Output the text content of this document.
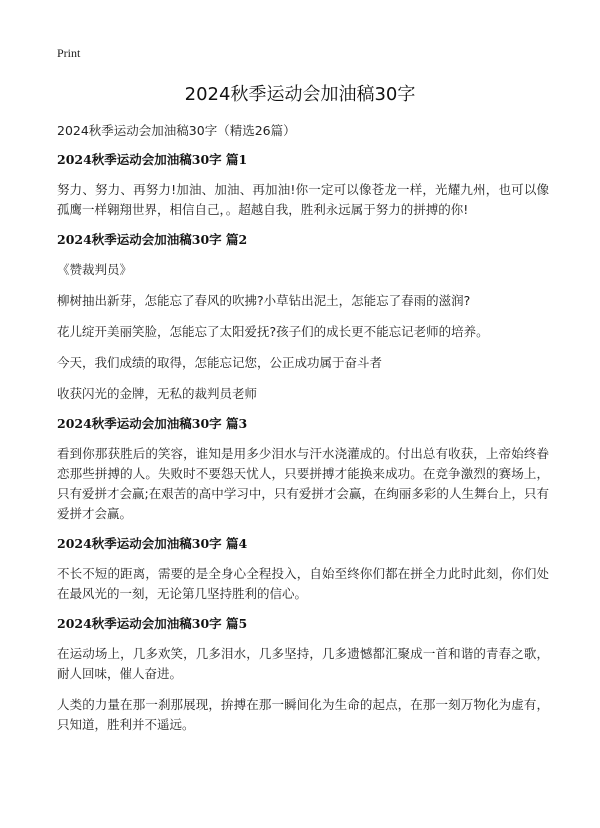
Print
2024秋季运动会加油稿30字
2024秋季运动会加油稿30字（精选26篇）
2024秋季运动会加油稿30字 篇1
努力、努力、再努力!加油、加油、再加油!你一定可以像苍龙一样，光耀九州，也可以像孤鹰一样翱翔世界，相信自己，。超越自我，胜利永远属于努力的拼搏的你!
2024秋季运动会加油稿30字 篇2
《赞裁判员》
柳树抽出新芽，怎能忘了春风的吹拂?小草钻出泥土，怎能忘了春雨的滋润?
花儿绽开美丽笑脸，怎能忘了太阳爱抚?孩子们的成长更不能忘记老师的培养。
今天，我们成绩的取得，怎能忘记您，公正成功属于奋斗者
收获闪光的金牌，无私的裁判员老师
2024秋季运动会加油稿30字 篇3
看到你那获胜后的笑容，谁知是用多少泪水与汗水浇灌成的。付出总有收获，上帝始终眷恋那些拼搏的人。失败时不要怨天忧人，只要拼搏才能换来成功。在竞争激烈的赛场上，只有爱拼才会赢;在艰苦的高中学习中，只有爱拼才会赢，在绚丽多彩的人生舞台上，只有爱拼才会赢。
2024秋季运动会加油稿30字 篇4
不长不短的距离，需要的是全身心全程投入，自始至终你们都在拼全力此时此刻，你们处在最风光的一刻，无论第几坚持胜利的信心。
2024秋季运动会加油稿30字 篇5
在运动场上，几多欢笑，几多泪水，几多坚持，几多遗憾都汇聚成一首和谐的青春之歌，耐人回味，催人奋进。
人类的力量在那一刹那展现，拚搏在那一瞬间化为生命的起点，在那一刻万物化为虚有，只知道，胜利并不遥远。
